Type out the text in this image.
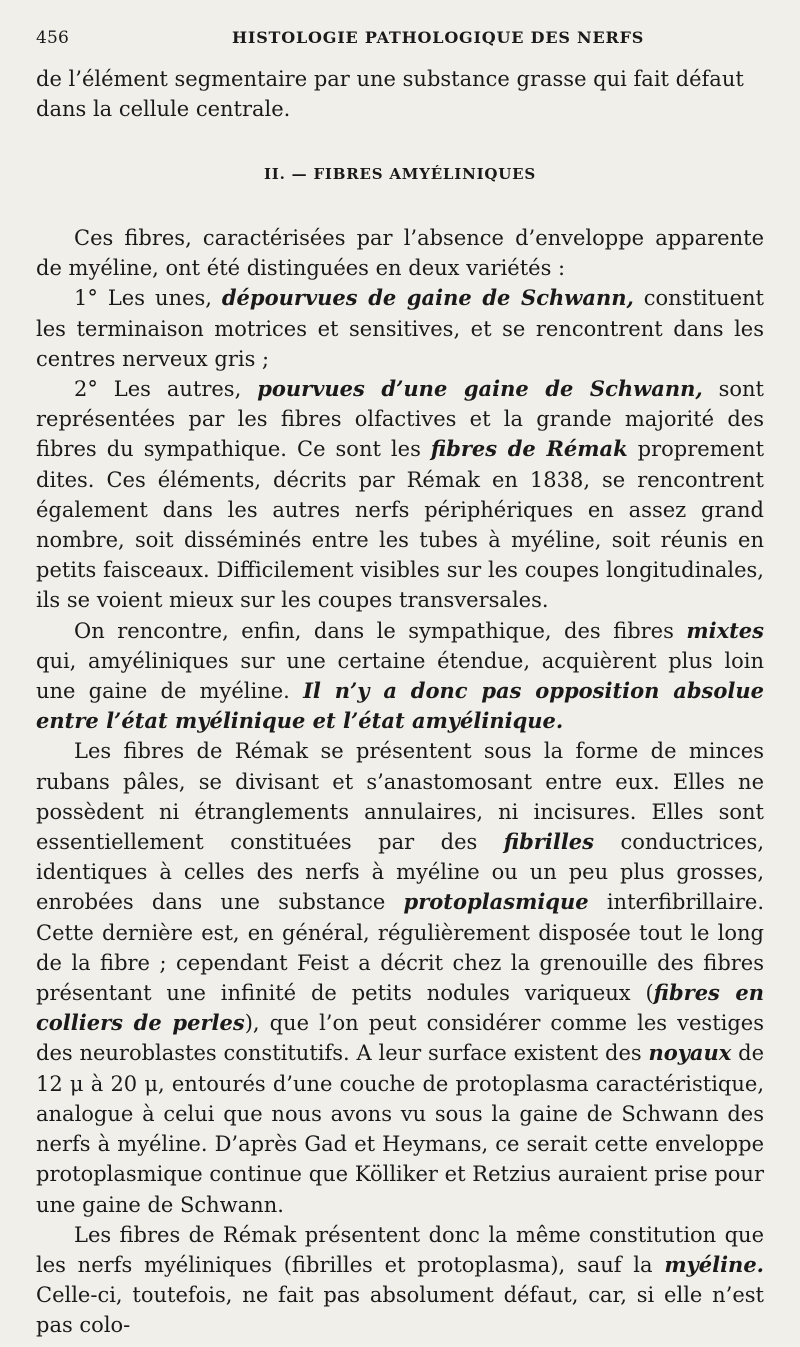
456	HISTOLOGIE PATHOLOGIQUE DES NERFS

de l’élément segmentaire par une substance grasse qui fait défaut

dans la cellule centrale.

II. — FIBRES AMYÉLINIQUES

Ces fibres, caractérisées par l’absence d’enveloppe apparente de myéline, ont été distinguées en deux variétés :

1° Les unes, dépourvues de gaine de Schwann, constituent les terminaison motrices et sensitives, et se rencontrent dans les centres nerveux gris ;

2° Les autres, pourvues d’une gaine de Schwann, sont représentées par les fibres olfactives et la grande majorité des fibres du sympathique. Ce sont les fibres de Rémak proprement dites. Ces éléments, décrits par Rémak en 1838, se rencontrent également dans les autres nerfs périphériques en assez grand nombre, soit disséminés entre les tubes à myéline, soit réunis en petits faisceaux. Difficilement visibles sur les coupes longitudinales, ils se voient mieux sur les coupes transversales.

On rencontre, enfin, dans le sympathique, des fibres mixtes qui, amyéliniques sur une certaine étendue, acquièrent plus loin une gaine de myéline. Il n’y a donc pas opposition absolue entre l’état myélinique et l’état amyélinique.

Les fibres de Rémak se présentent sous la forme de minces rubans pâles, se divisant et s’anastomosant entre eux. Elles ne possèdent ni étranglements annulaires, ni incisures. Elles sont essentiellement constituées par des fibrilles conductrices, identiques à celles des nerfs à myéline ou un peu plus grosses, enrobées dans une substance protoplasmique interfibrillaire. Cette dernière est, en général, régulièrement disposée tout le long de la fibre ; cependant Feist a décrit chez la grenouille des fibres présentant une infinité de petits nodules variqueux (fibres en colliers de perles), que l’on peut considérer comme les vestiges des neuroblastes constitutifs. A leur surface existent des noyaux de 12 μ à 20 μ, entourés d’une couche de protoplasma caractéristique, analogue à celui que nous avons vu sous la gaine de Schwann des nerfs à myéline. D’après Gad et Heymans, ce serait cette enveloppe protoplasmique continue que Kölliker et Retzius auraient prise pour une gaine de Schwann.

Les fibres de Rémak présentent donc la même constitution que les nerfs myéliniques (fibrilles et protoplasma), sauf la myéline. Celle-ci, toutefois, ne fait pas absolument défaut, car, si elle n’est pas colo-
